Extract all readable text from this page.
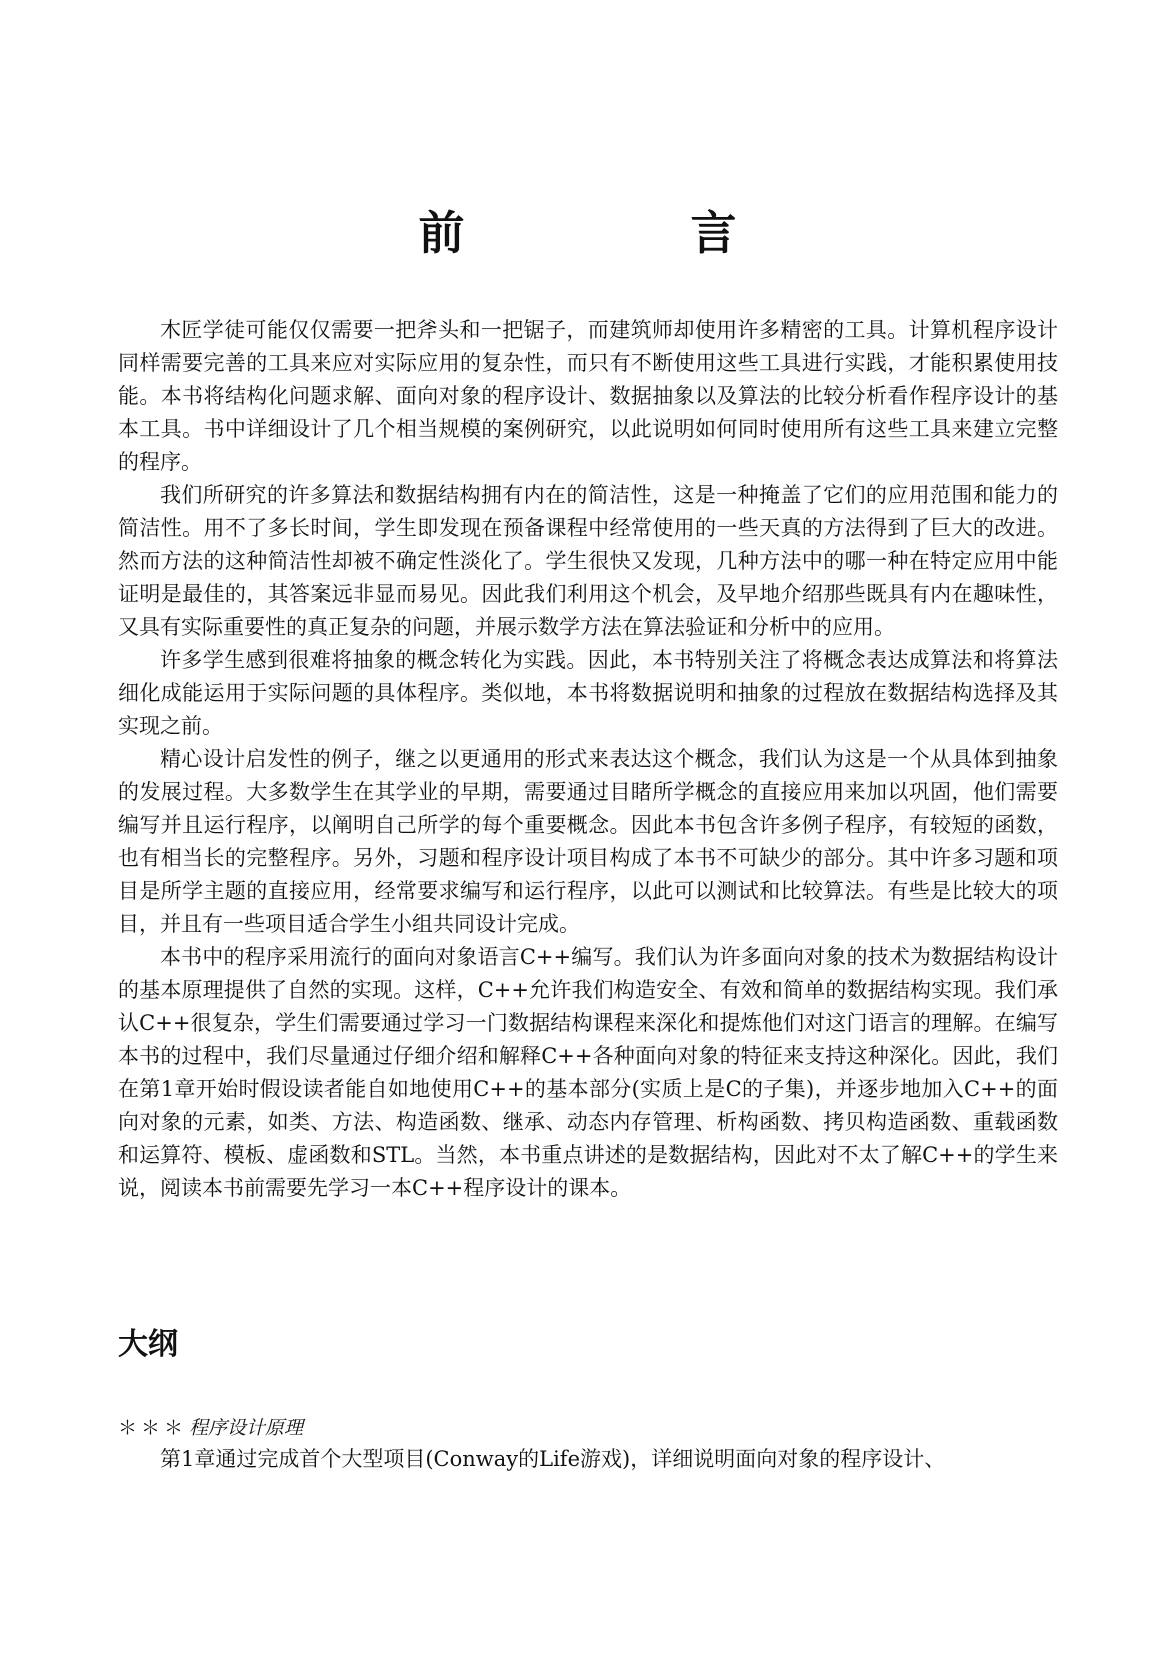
前　言

木匠学徒可能仅仅需要一把斧头和一把锯子，而建筑师却使用许多精密的工具。计算机程序设计同样需要完善的工具来应对实际应用的复杂性，而只有不断使用这些工具进行实践，才能积累使用技能。本书将结构化问题求解、面向对象的程序设计、数据抽象以及算法的比较分析看作程序设计的基本工具。书中详细设计了几个相当规模的案例研究，以此说明如何同时使用所有这些工具来建立完整的程序。

我们所研究的许多算法和数据结构拥有内在的简洁性，这是一种掩盖了它们的应用范围和能力的简洁性。用不了多长时间，学生即发现在预备课程中经常使用的一些天真的方法得到了巨大的改进。然而方法的这种简洁性却被不确定性淡化了。学生很快又发现，几种方法中的哪一种在特定应用中能证明是最佳的，其答案远非显而易见。因此我们利用这个机会，及早地介绍那些既具有内在趣味性，又具有实际重要性的真正复杂的问题，并展示数学方法在算法验证和分析中的应用。

许多学生感到很难将抽象的概念转化为实践。因此，本书特别关注了将概念表达成算法和将算法细化成能运用于实际问题的具体程序。类似地，本书将数据说明和抽象的过程放在数据结构选择及其实现之前。

精心设计启发性的例子，继之以更通用的形式来表达这个概念，我们认为这是一个从具体到抽象的发展过程。大多数学生在其学业的早期，需要通过目睹所学概念的直接应用来加以巩固，他们需要编写并且运行程序，以阐明自己所学的每个重要概念。因此本书包含许多例子程序，有较短的函数，也有相当长的完整程序。另外，习题和程序设计项目构成了本书不可缺少的部分。其中许多习题和项目是所学主题的直接应用，经常要求编写和运行程序，以此可以测试和比较算法。有些是比较大的项目，并且有一些项目适合学生小组共同设计完成。

本书中的程序采用流行的面向对象语言C++编写。我们认为许多面向对象的技术为数据结构设计的基本原理提供了自然的实现。这样，C++允许我们构造安全、有效和简单的数据结构实现。我们承认C++很复杂，学生们需要通过学习一门数据结构课程来深化和提炼他们对这门语言的理解。在编写本书的过程中，我们尽量通过仔细介绍和解释C++各种面向对象的特征来支持这种深化。因此，我们在第1章开始时假设读者能自如地使用C++的基本部分(实质上是C的子集)，并逐步地加入C++的面向对象的元素，如类、方法、构造函数、继承、动态内存管理、析构函数、拷贝构造函数、重载函数和运算符、模板、虚函数和STL。当然，本书重点讲述的是数据结构，因此对不太了解C++的学生来说，阅读本书前需要先学习一本C++程序设计的课本。

大纲

＊＊＊ 程序设计原理

第1章通过完成首个大型项目(Conway的Life游戏)，详细说明面向对象的程序设计、
